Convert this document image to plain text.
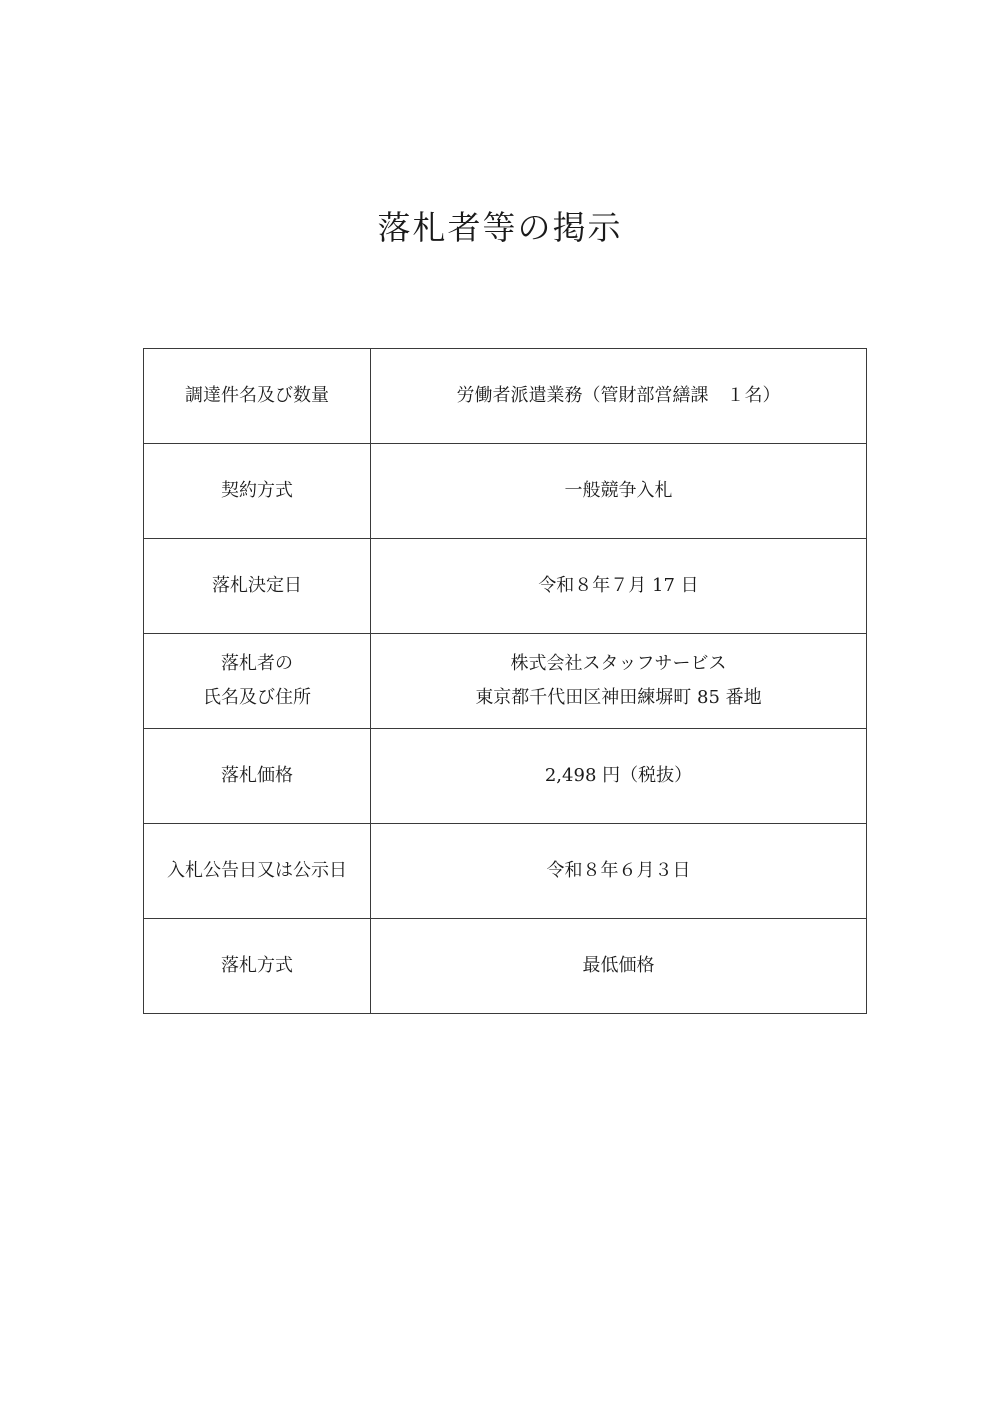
落札者等の掲示
調達件名及び数量	労働者派遣業務（管財部営繕課　１名）

契約方式	一般競争入札

落札決定日	令和８年７月 17 日

落札者の
氏名及び住所	株式会社スタッフサービス
東京都千代田区神田練塀町 85 番地

落札価格	2,498 円（税抜）

入札公告日又は公示日	令和８年６月３日

落札方式	最低価格
